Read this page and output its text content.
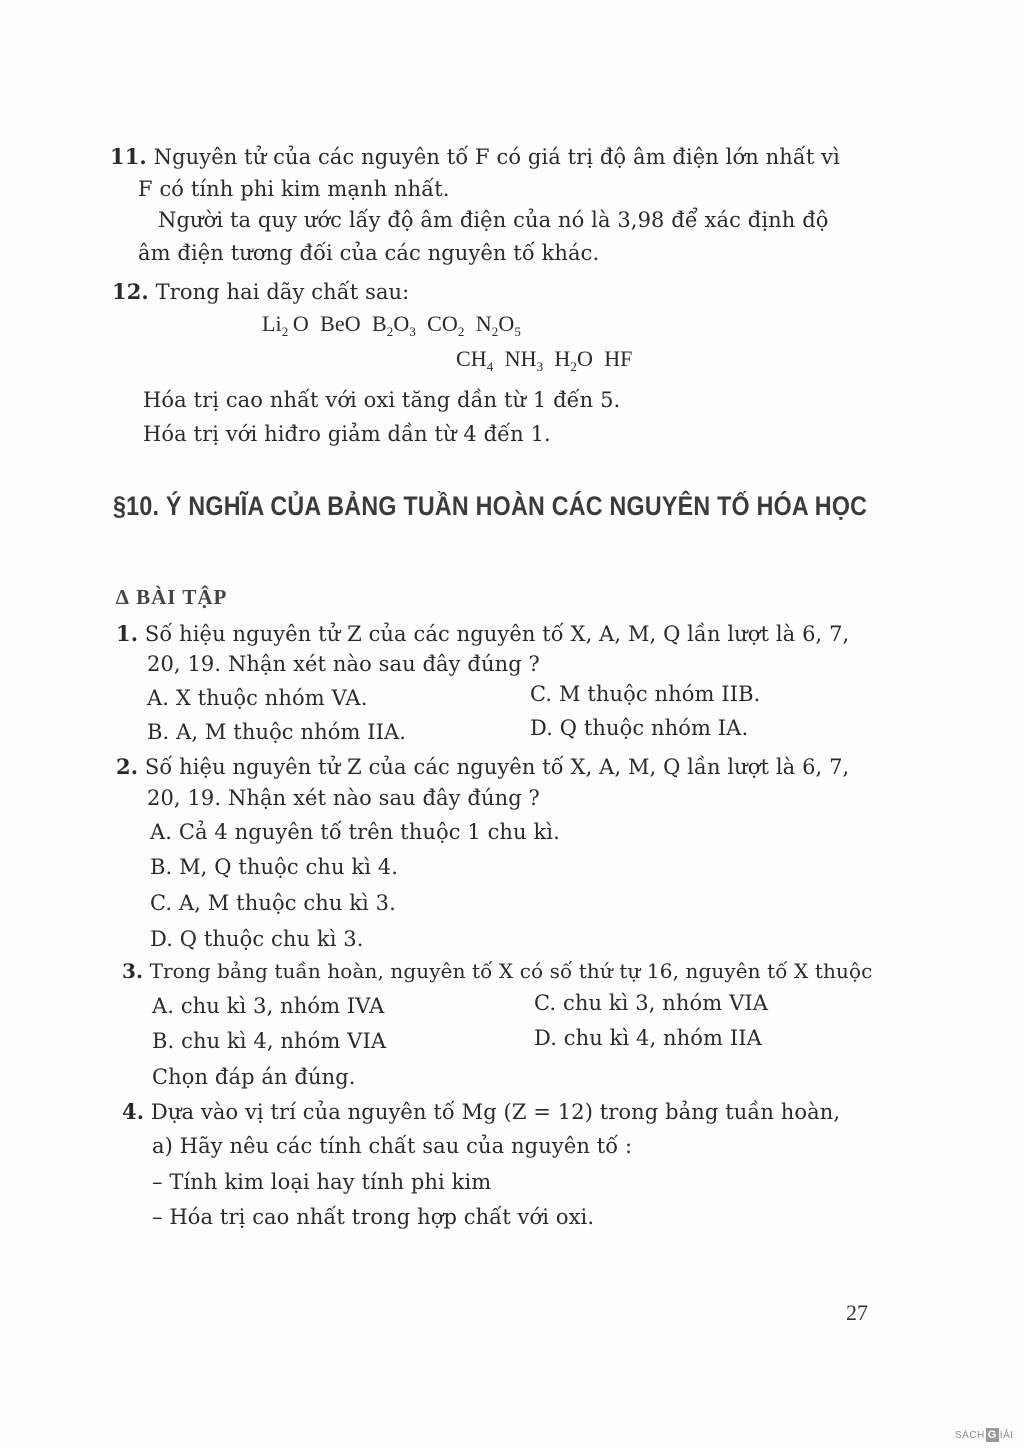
11. Nguyên tử của các nguyên tố F có giá trị độ âm điện lớn nhất vì
F có tính phi kim mạnh nhất.
Người ta quy ước lấy độ âm điện của nó là 3,98 để xác định độ
âm điện tương đối của các nguyên tố khác.
12. Trong hai dãy chất sau:
$Li_2$  O BeO $B_2O_3$ $CO_2$ $N_2O_5$
$CH_4$ $NH_3$ $H_2O$ HF
Hóa trị cao nhất với oxi tăng dần từ 1 đến 5.
Hóa trị với hiđro giảm dần từ 4 đến 1.
§10. Ý NGHĨA CỦA BẢNG TUẦN HOÀN CÁC NGUYÊN TỐ HÓA HỌC
∆ BÀI TẬP
1. Số hiệu nguyên tử Z của các nguyên tố X, A, M, Q lần lượt là 6, 7,
20, 19. Nhận xét nào sau đây đúng ?
A. X thuộc nhóm VA.	C. M thuộc nhóm IIB.
B. A, M thuộc nhóm IIA.	D. Q thuộc nhóm IA.
2. Số hiệu nguyên tử Z của các nguyên tố X, A, M, Q lần lượt là 6, 7,
20, 19. Nhận xét nào sau đây đúng ?
A. Cả 4 nguyên tố trên thuộc 1 chu kì.
B. M, Q thuộc chu kì 4.
C. A, M thuộc chu kì 3.
D. Q thuộc chu kì 3.
3. Trong bảng tuần hoàn, nguyên tố X có số thứ tự 16, nguyên tố X thuộc
A. chu kì 3, nhóm IVA	C. chu kì 3, nhóm VIA
B. chu kì 4, nhóm VIA	D. chu kì 4, nhóm IIA
Chọn đáp án đúng.
4. Dựa vào vị trí của nguyên tố Mg (Z = 12) trong bảng tuần hoàn,
a) Hãy nêu các tính chất sau của nguyên tố :
– Tính kim loại hay tính phi kim
– Hóa trị cao nhất trong hợp chất với oxi.
27
SÁCH G IẢI
